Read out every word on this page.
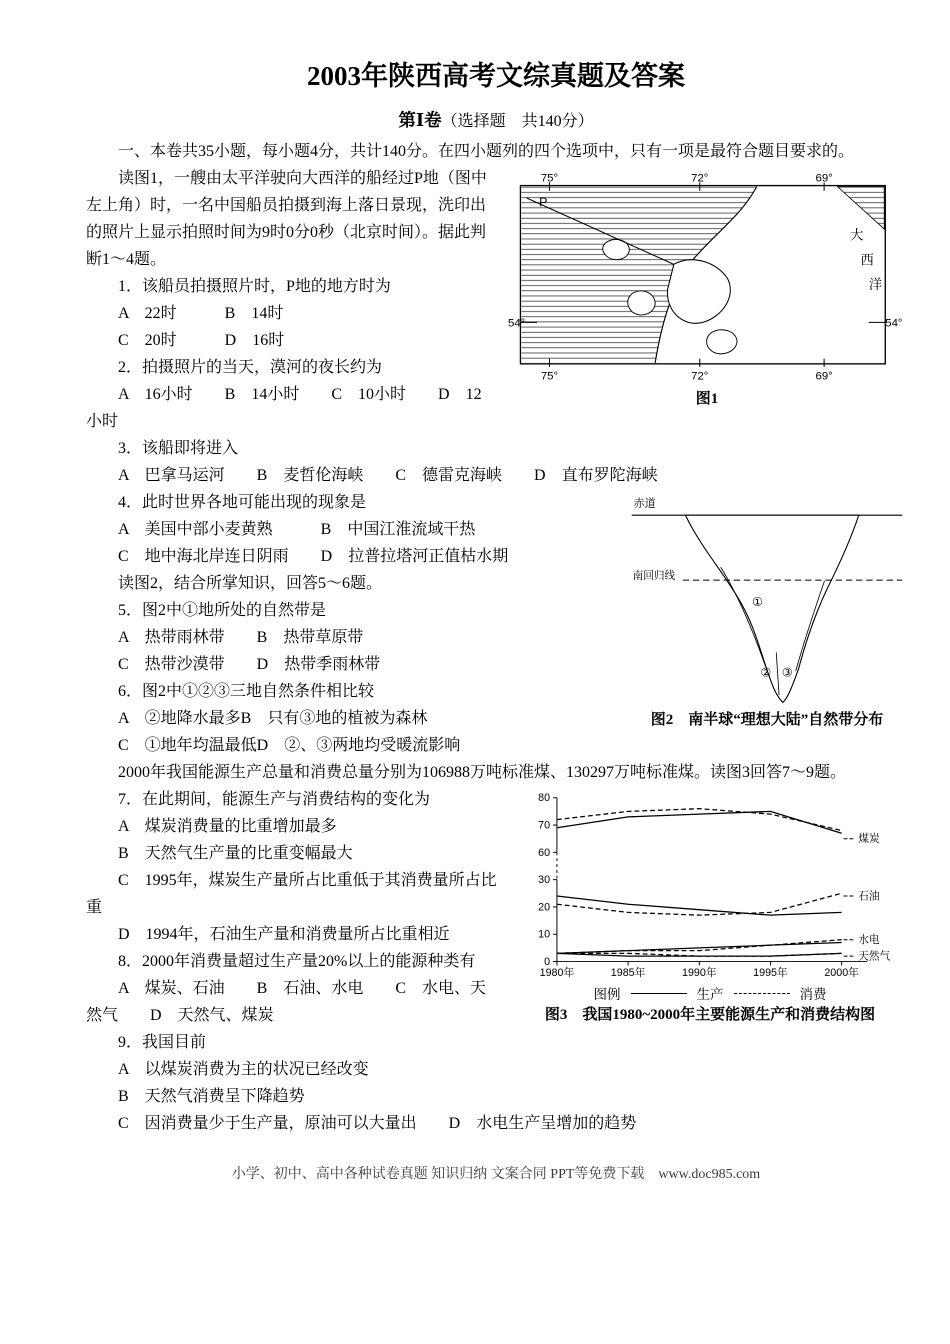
2003年陕西高考文综真题及答案
第Ⅰ卷（选择题　共140分）

一、本卷共35小题，每小题4分，共计140分。在四小题列的四个选项中，只有一项是最符合题目要求的。

75°	72°	69°
75°	72°	69°
54°	54°
P
大
西
洋
图1

读图1，一艘由太平洋驶向大西洋的船经过P地（图中左上角）时，一名中国船员拍摄到海上落日景现，洗印出的照片上显示拍照时间为9时0分0秒（北京时间）。据此判断1～4题。

1．该船员拍摄照片时，P地的地方时为

A　22时　　　B　14时

C　20时　　　D　16时

2．拍摄照片的当天，漠河的夜长约为

A　16小时　　B　14小时　　C　10小时　　D　12小时

3．该船即将进入

A　巴拿马运河　　B　麦哲伦海峡　　C　德雷克海峡　　D　直布罗陀海峡

赤道
南回归线
①
② ③
图2　南半球“理想大陆”自然带分布

4．此时世界各地可能出现的现象是

A　美国中部小麦黄熟　　　B　中国江淮流域干热

C　地中海北岸连日阴雨　　D　拉普拉塔河正值枯水期

读图2，结合所掌知识，回答5～6题。

5．图2中①地所处的自然带是

A　热带雨林带　　B　热带草原带

C　热带沙漠带　　D　热带季雨林带

6．图2中①②③三地自然条件相比较

A　②地降水最多B　只有③地的植被为森林

C　①地年均温最低D　②、③两地均受暖流影响

2000年我国能源生产总量和消费总量分别为106988万吨标准煤、130297万吨标准煤。读图3回答7～9题。

80
70
60
30
20
10
0
1980年	1985年	1990年	1995年	2000年
煤炭
石油
水电
天然气
图例	生产	消费
图3　我国1980~2000年主要能源生产和消费结构图

7．在此期间，能源生产与消费结构的变化为

A　煤炭消费量的比重增加最多

B　天然气生产量的比重变幅最大

C　1995年，煤炭生产量所占比重低于其消费量所占比重

D　1994年，石油生产量和消费量所占比重相近

8．2000年消费量超过生产量20%以上的能源种类有

A　煤炭、石油　　B　石油、水电　　C　水电、天然气　　D　天然气、煤炭

9．我国目前

A　以煤炭消费为主的状况已经改变

B　天然气消费呈下降趋势

C　因消费量少于生产量，原油可以大量出　　D　水电生产呈增加的趋势

小学、初中、高中各种试卷真题 知识归纳 文案合同 PPT等免费下载　www.doc985.com
